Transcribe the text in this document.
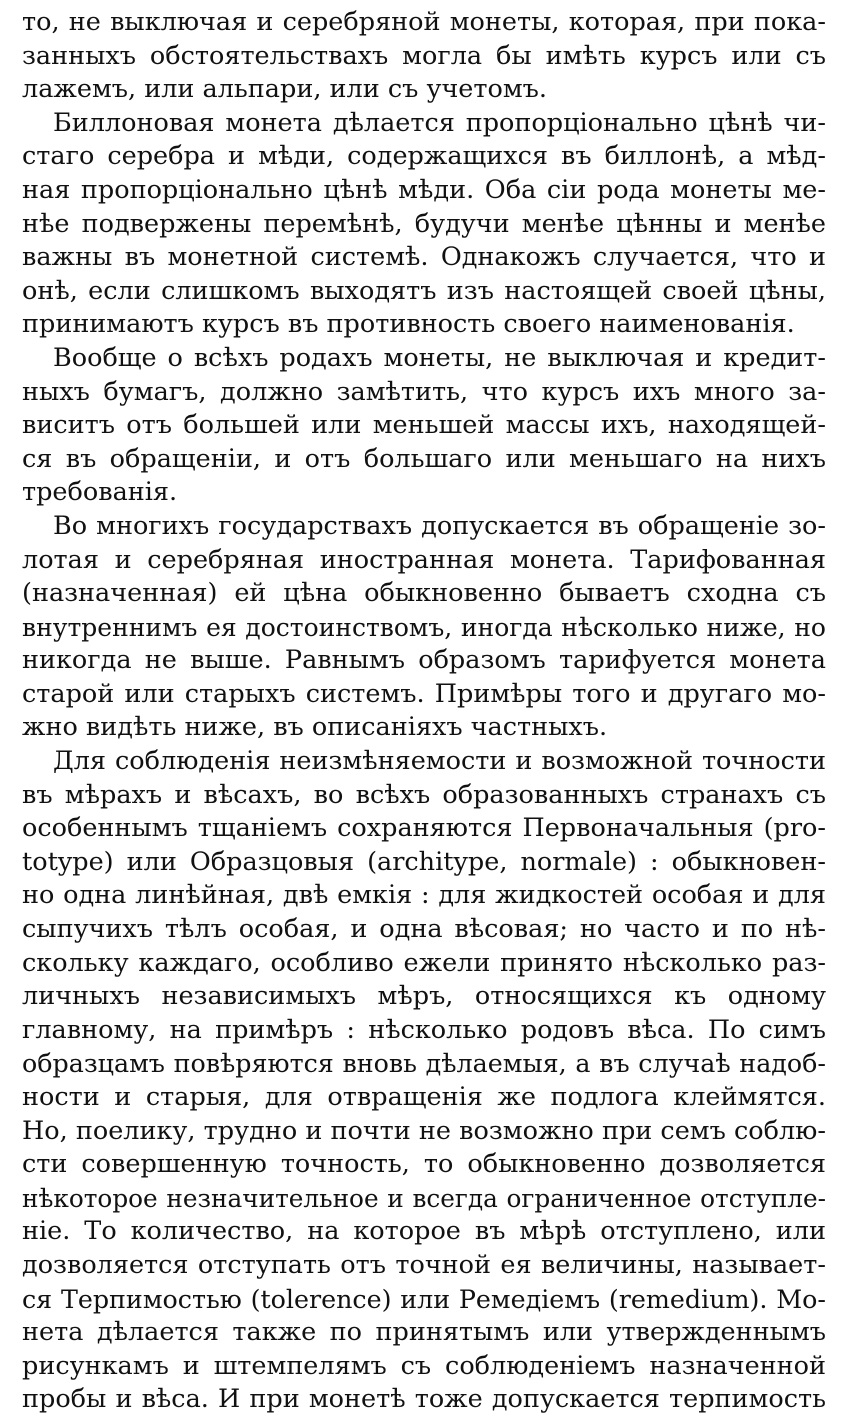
то, не выключая и серебряной монеты, которая, при пока-
занныхъ обстоятельствахъ могла бы имѣть курсъ или съ
лажемъ, или альпари, или съ учетомъ.
Биллоновая монета дѣлается пропорціонально цѣнѣ чи-
стаго серебра и мѣди, содержащихся въ биллонѣ, а мѣд-
ная пропорціонально цѣнѣ мѣди. Оба сіи рода монеты ме-
нѣе подвержены перемѣнѣ, будучи менѣе цѣнны и менѣе
важны въ монетной системѣ. Однакожъ случается, что и
онѣ, если слишкомъ выходятъ изъ настоящей своей цѣны,
принимаютъ курсъ въ противность своего наименованія.
Вообще о всѣхъ родахъ монеты, не выключая и кредит-
ныхъ бумагъ, должно замѣтить, что курсъ ихъ много за-
виситъ отъ большей или меньшей массы ихъ, находящей-
ся въ обращеніи, и отъ большаго или меньшаго на нихъ
требованія.
Во многихъ государствахъ допускается въ обращеніе зо-
лотая и серебряная иностранная монета. Тарифованная
(назначенная) ей цѣна обыкновенно бываетъ сходна съ
внутреннимъ ея достоинствомъ, иногда нѣсколько ниже, но
никогда не выше. Равнымъ образомъ тарифуется монета
старой или старыхъ системъ. Примѣры того и другаго мо-
жно видѣть ниже, въ описаніяхъ частныхъ.
Для соблюденія неизмѣняемости и возможной точности
въ мѣрахъ и вѣсахъ, во всѣхъ образованныхъ странахъ съ
особеннымъ тщаніемъ сохраняются Первоначальныя (pro-
totype) или Образцовыя (architype, normale) : обыкновен-
но одна линѣйная, двѣ емкія : для жидкостей особая и для
сыпучихъ тѣлъ особая, и одна вѣсовая; но часто и по нѣ-
скольку каждаго, особливо ежели принято нѣсколько раз-
личныхъ независимыхъ мѣръ, относящихся къ одному
главному, на примѣръ : нѣсколько родовъ вѣса. По симъ
образцамъ повѣряются вновь дѣлаемыя, а въ случаѣ надоб-
ности и старыя, для отвращенія же подлога клеймятся.
Но, поелику, трудно и почти не возможно при семъ соблю-
сти совершенную точность, то обыкновенно дозволяется
нѣкоторое незначительное и всегда ограниченное отступле-
ніе. То количество, на которое въ мѣрѣ отступлено, или
дозволяется отступать отъ точной ея величины, называет-
ся Терпимостью (tolerence) или Ремедіемъ (remedium). Мо-
нета дѣлается также по принятымъ или утвержденнымъ
рисункамъ и штемпелямъ съ соблюденіемъ назначенной
пробы и вѣса. И при монетѣ тоже допускается терпимость
